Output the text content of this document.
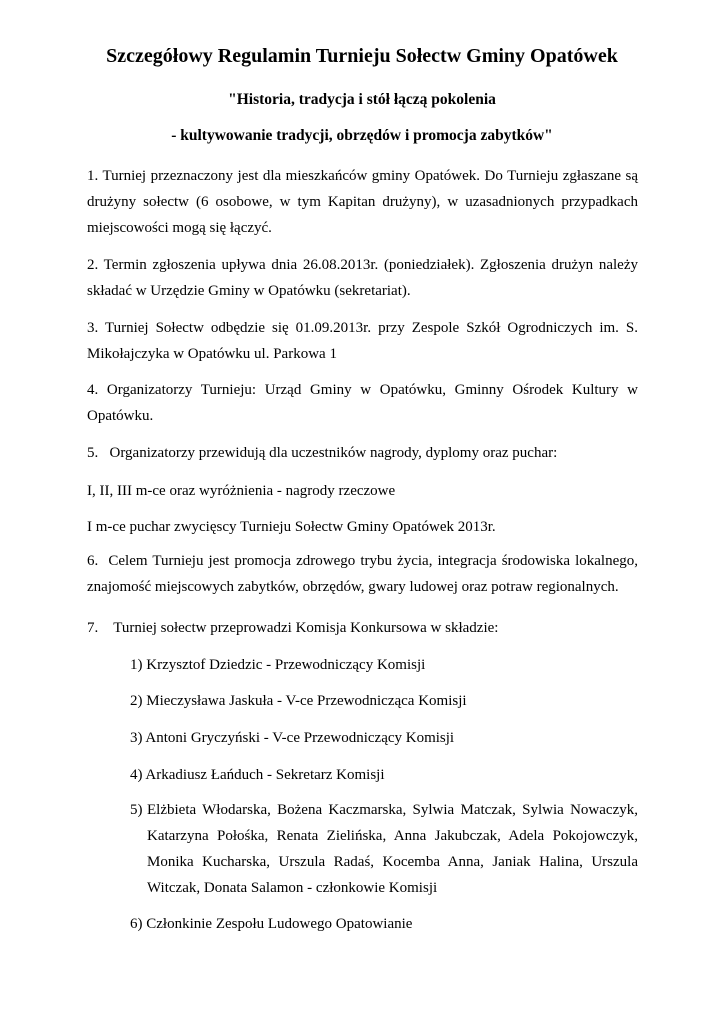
Szczegółowy Regulamin Turnieju Sołectw Gminy Opatówek
"Historia, tradycja i stół łączą pokolenia
- kultywowanie tradycji, obrzędów i promocja zabytków"
1. Turniej przeznaczony jest dla mieszkańców gminy Opatówek. Do Turnieju zgłaszane są drużyny sołectw (6 osobowe, w tym Kapitan drużyny), w uzasadnionych przypadkach miejscowości mogą się łączyć.
2. Termin zgłoszenia upływa dnia 26.08.2013r. (poniedziałek). Zgłoszenia drużyn należy składać w Urzędzie Gminy w Opatówku (sekretariat).
3. Turniej Sołectw odbędzie się 01.09.2013r. przy Zespole Szkół Ogrodniczych im. S. Mikołajczyka w Opatówku ul. Parkowa 1
4. Organizatorzy Turnieju: Urząd Gminy w Opatówku, Gminny Ośrodek Kultury w Opatówku.
5.   Organizatorzy przewidują dla uczestników nagrody, dyplomy oraz puchar:
I, II, III m-ce oraz wyróżnienia - nagrody rzeczowe
I m-ce puchar zwycięscy Turnieju Sołectw Gminy Opatówek 2013r.
6.  Celem Turnieju jest promocja zdrowego trybu życia, integracja środowiska lokalnego, znajomość miejscowych zabytków, obrzędów, gwary ludowej oraz potraw regionalnych.
7.    Turniej sołectw przeprowadzi Komisja Konkursowa w składzie:
1) Krzysztof Dziedzic - Przewodniczący Komisji
2) Mieczysława Jaskuła - V-ce Przewodnicząca Komisji
3) Antoni Gryczyński - V-ce Przewodniczący Komisji
4) Arkadiusz Łańduch - Sekretarz Komisji
5) Elżbieta Włodarska, Bożena Kaczmarska, Sylwia Matczak, Sylwia Nowaczyk, Katarzyna Połośka, Renata Zielińska, Anna Jakubczak, Adela Pokojowczyk, Monika Kucharska, Urszula Radaś, Kocemba Anna, Janiak Halina, Urszula Witczak, Donata Salamon - członkowie Komisji
6) Członkinie Zespołu Ludowego Opatowianie
